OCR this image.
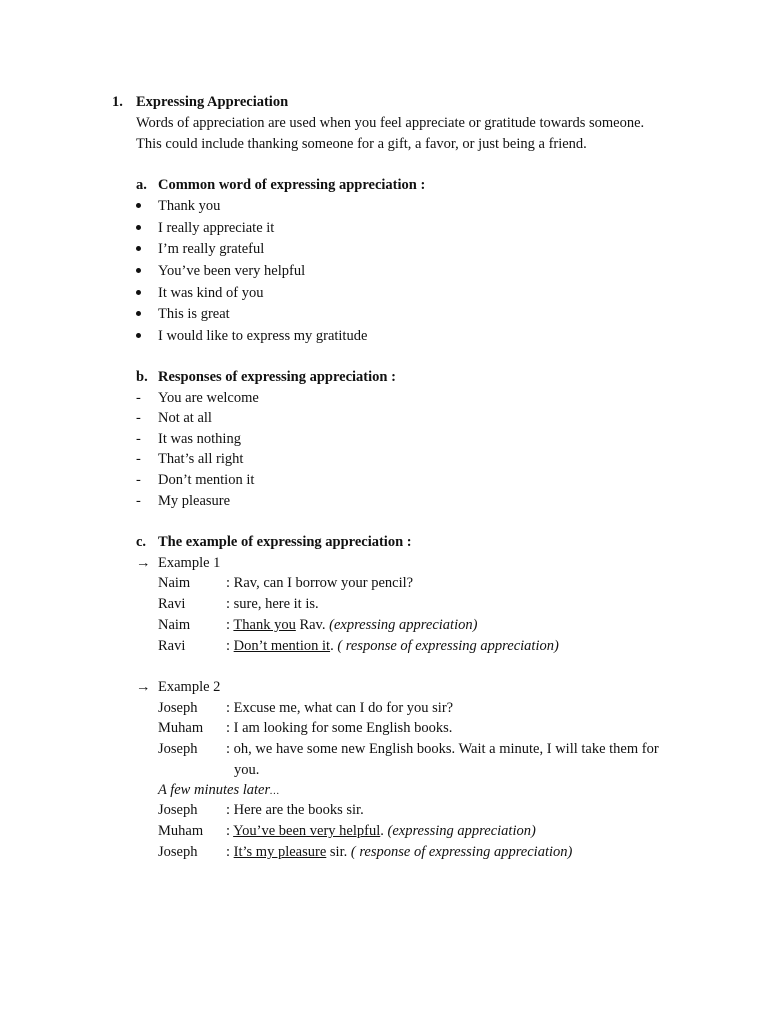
1. Expressing Appreciation
Words of appreciation are used when you feel appreciate or gratitude towards someone.
This could include thanking someone for a gift, a favor, or just being a friend.
a. Common word of expressing appreciation :
Thank you
I really appreciate it
I’m really grateful
You’ve been very helpful
It was kind of you
This is great
I would like to express my gratitude
b. Responses of expressing appreciation :
-	You are welcome
-	Not at all
-	It was nothing
-	That’s all right
-	Don’t mention it
-	My pleasure
c. The example of expressing appreciation :
→ Example 1
Naim : Rav, can I borrow your pencil?
Ravi	: sure, here it is.
Naim : Thank you Rav. (expressing appreciation)
Ravi	: Don’t mention it. ( response of expressing appreciation)
→ Example 2
Joseph : Excuse me, what can I do for you sir?
Muham : I am looking for some English books.
Joseph : oh, we have some new English books. Wait a minute, I will take them for
you.
A few minutes later…
Joseph : Here are the books sir.
Muham : You’ve been very helpful. (expressing appreciation)
Joseph : It’s my pleasure sir. ( response of expressing appreciation)
